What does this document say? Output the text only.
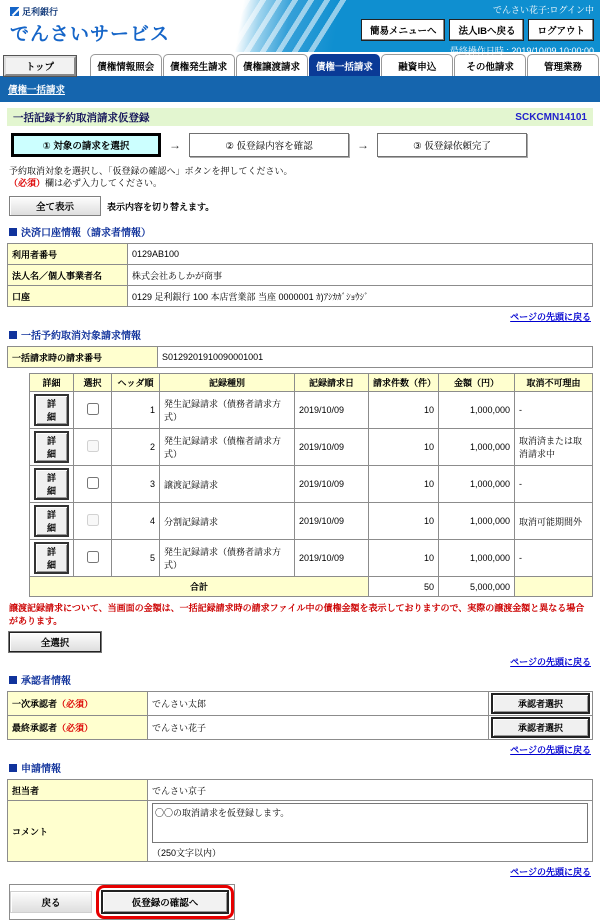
足利銀行
でんさいサービス
でんさい花子:ログイン中
簡易メニューへ	法人IBへ戻る	ログアウト
最終操作日時 : 2019/10/09 10:00:00
トップ	債権情報照会	債権発生請求	債権譲渡請求	債権一括請求	融資申込	その他請求	管理業務
債権一括請求
一括記録予約取消請求仮登録	SCKCMN14101
① 対象の請求を選択	→	② 仮登録内容を確認	→	③ 仮登録依頼完了
予約取消対象を選択し、「仮登録の確認へ」ボタンを押してください。
（必須）欄は必ず入力してください。
全て表示	表示内容を切り替えます。
決済口座情報（請求者情報）
利用者番号	0129AB100
法人名／個人事業者名	株式会社あしかが商事
口座	0129 足利銀行 100 本店営業部 当座 0000001 ｶ)ｱｼｶｶﾞｼｮｳｼﾞ
ページの先頭に戻る
一括予約取消対象請求情報
一括請求時の請求番号	S0129201910090001001
詳細	選択	ヘッダ順	記録種別	記録請求日	請求件数（件）	金額（円）	取消不可理由
詳細		1	発生記録請求（債務者請求方式）	2019/10/09	10	1,000,000	-
詳細		2	発生記録請求（債権者請求方式）	2019/10/09	10	1,000,000	取消済または取消請求中
詳細		3	譲渡記録請求	2019/10/09	10	1,000,000	-
詳細		4	分割記録請求	2019/10/09	10	1,000,000	取消可能期間外
詳細		5	発生記録請求（債務者請求方式）	2019/10/09	10	1,000,000	-
合計					50	5,000,000	
譲渡記録請求について、当画面の金額は、一括記録請求時の請求ファイル中の債権金額を表示しておりますので、実際の譲渡金額と異なる場合があります。
全選択
ページの先頭に戻る
承認者情報
一次承認者（必須）	でんさい太郎	承認者選択
最終承認者（必須）	でんさい花子	承認者選択
ページの先頭に戻る
申請情報
担当者	でんさい京子
コメント	〇〇の取消請求を仮登録します。
（250文字以内）
ページの先頭に戻る
戻る	仮登録の確認へ
